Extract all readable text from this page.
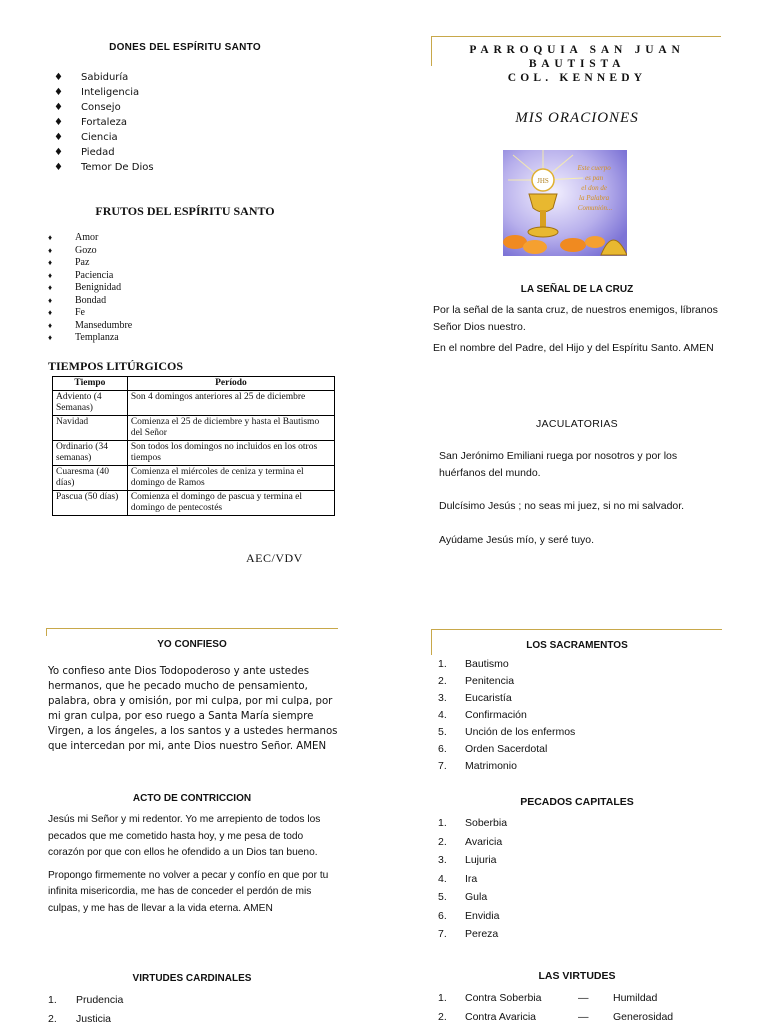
DONES DEL ESPÍRITU SANTO
♦ Sabiduría
♦ Inteligencia
♦ Consejo
♦ Fortaleza
♦ Ciencia
♦ Piedad
♦ Temor De Dios
FRUTOS DEL ESPÍRITU SANTO
♦ Amor
♦ Gozo
♦ Paz
♦ Paciencia
♦ Benignidad
♦ Bondad
♦ Fe
♦ Mansedumbre
♦ Templanza
TIEMPOS LITÚRGICOS
Tiempo	Período
Adviento (4 Semanas)	Son 4 domingos anteriores al 25 de diciembre
Navidad	Comienza el 25 de diciembre y hasta el Bautismo del Señor
Ordinario (34 semanas)	Son todos los domingos no incluidos en los otros tiempos
Cuaresma (40 días)	Comienza el miércoles de ceniza y termina el domingo de Ramos
Pascua (50 días)	Comienza el domingo de pascua y termina el domingo de pentecostés
AEC/VDV
PARROQUIA SAN JUAN
BAUTISTA
COL. KENNEDY
MIS ORACIONES
JHS
Este cuerpo es pan el don de la Palabra Comunión...
LA SEÑAL DE LA CRUZ

Por la señal de la santa cruz, de nuestros enemigos, líbranos Señor Dios nuestro.

En el nombre del Padre, del Hijo y del Espíritu Santo. AMEN

JACULATORIAS

San Jerónimo Emiliani ruega por nosotros y por los huérfanos del mundo.

Dulcísimo Jesús ; no seas mi juez, si no mi salvador.

Ayúdame Jesús mío, y seré tuyo.

YO CONFIESO

Yo confieso ante Dios Todopoderoso y ante ustedes hermanos, que he pecado mucho de pensamiento, palabra, obra y omisión, por mi culpa, por mi culpa, por mi gran culpa, por eso ruego a Santa María siempre Virgen, a los ángeles, a los santos y a ustedes hermanos que intercedan por mi, ante Dios nuestro Señor. AMEN

ACTO DE CONTRICCION

Jesús mi Señor y mi redentor. Yo me arrepiento de todos los pecados que me cometido hasta hoy, y me pesa de todo corazón por que con ellos he ofendido a un Dios tan bueno.

Propongo firmemente no volver a pecar y confío en que por tu infinita misericordia, me has de conceder el perdón de mis culpas, y me has de llevar a la vida eterna. AMEN

VIRTUDES CARDINALES
1. Prudencia
2. Justicia
LOS SACRAMENTOS
1. Bautismo
2. Penitencia
3. Eucaristía
4. Confirmación
5. Unción de los enfermos
6. Orden Sacerdotal
7. Matrimonio
PECADOS CAPITALES
1. Soberbia
2. Avaricia
3. Lujuria
4. Ira
5. Gula
6. Envidia
7. Pereza
LAS VIRTUDES
1. Contra Soberbia	— Humildad
2. Contra Avaricia	— Generosidad
